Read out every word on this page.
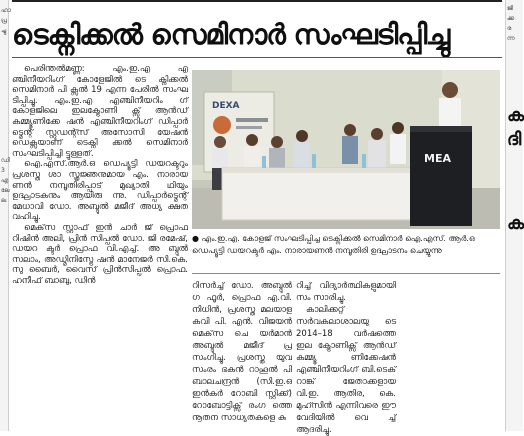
ഹാ
പ്ര
ച്ചു
ഡി
3
എ
ലേ
ല
ജി
ക്ക
ര
ന്ന
ക
ദി
ക
ടെക്നിക്കൽ സെമിനാർ സംഘടിപ്പിച്ചു

പെരിന്തൽമണ്ണ: എം.ഇ.എ എ ഞ്ചിനീയറിംഗ് കോളേജിൽ ടെ ക്നിക്കൽ സെമിനാർ പി ക്സൽ 19 എന്ന പേരിൽ സംഘ ടിപ്പിച്ചു. എം.ഇ.എ എഞ്ചിനീയറിം ഗ് കോളജിലെ ഇലക്ട്രോണി ക്സ് ആൻഡ് കമ്മ്യൂണിക്കേ ഷൻ എഞ്ചിനീയറിംഗ് ഡിപ്പാർ ട്മെന്റ് സ്റ്റുഡന്റ്സ് അസോസി യേഷൻ ഡെക്സയാണ് ടെക്നി ക്കൽ സെമിനാർ സംഘടിപ്പിച്ചി ട്ടുള്ളത്.

ഐ.എസ്.ആർ.ഒ ഡെപ്യൂട്ടി ഡയറക്ടറും പ്രശസ്ത ശാ സ്ത്രജ്ഞനുമായ എം. നാരായ ണൻ നമ്പൂതിരിപ്പാട് മുഖ്യാതി ഥിയും ഉദ്ഘാടകനും ആയിരു ന്നു. ഡിപ്പാർട്മെന്റ് മേധാവി ഡോ. അബ്ദുൽ മജീദ് അധ്യ ക്ഷത വഹിച്ചു.

മെക്‌സ സ്റ്റാഫ് ഇൻ ചാർ ജ് പ്രൊഫ റിഷിൻ അലി, പ്രിൻ സിപ്പൽ ഡോ. ജി രമേഷ്, ഡയറ ക്ടർ പ്രൊഫ വി.എച്ച്. അ ബ്ദുൽ സലാം, അഡ്മിനിസ്ട്രേ ഷൻ മാനേജർ സി.കെ. സു ബൈർ, വൈസ് പ്രിൻസിപ്പൽ പ്രൊഫ. ഹനീഫ് ബാബു, ഡിൻ

DEXA
MEA
● എം.ഇ.എ. കോളജ് സംഘടിപ്പിച്ച ടെക്നിക്കൽ സെമിനാർ ഐ.എസ്. ആർ.ഒ ഡെപ്യൂട്ടി ഡയറക്ടർ എം. നാരായണൻ നമ്പൂതിരി ഉദ്ഘാടനം ചെയ്യുന്നു

റിസർച്ച് ഡോ. അബ്ദുൽ ഗ ഫൂർ, പ്രൊഫ എ.വി. നിധിൻ, പ്രശസ്ത മലയാള കവി പി. എൻ. വിജയൻ മെക്‌സ ചെ യർമാൻ അബ്ദുൽ മജീദ് പ്ര സംഗിച്ചു. പ്രശസ്ത യുവ സംരം ഭകൻ റാഹൂൽ പി ബാലചന്ദ്രൻ (സി.ഇ.ഒ ഇൻകർ റോബി സ്റ്റിക്ക്) റോബോട്ടിക്സ് രംഗ ത്തെ നൂതന സാധ്യതകളെ കു

റിച്ച് വിദ്യാർത്ഥികളുമായി സം സാരിച്ചു.

കാലിക്കറ്റ് സർവകലാശാലയു ടെ 2014–18 വർഷത്തെ ഇല ക്ട്രോണിക്സ് ആൻഡ് കമ്മ്യൂ ണിക്കേഷൻ എഞ്ചിനീയറിംഗ് ബി.ടെക് റാങ്ക് ജേതാക്കളായ വി.ഇ. ആതിര, കെ. മുഹ്സിൻ എന്നിവരെ ഈ വേദിയിൽ വെ ച്ച് ആദരിച്ചു.
